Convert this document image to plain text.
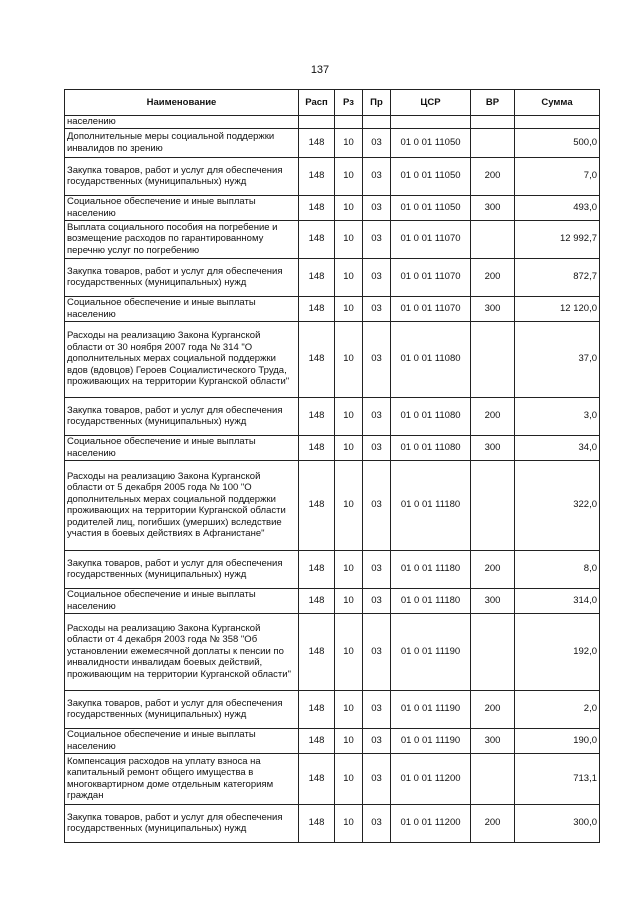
137
Наименование	Расп	Рз	Пр	ЦСР	ВР	Сумма
населению						
Дополнительные меры социальной поддержки инвалидов по зрению	148	10	03	01 0 01 11050		500,0
Закупка товаров, работ и услуг для обеспечения государственных (муниципальных) нужд	148	10	03	01 0 01 11050	200	7,0
Социальное обеспечение и иные выплаты населению	148	10	03	01 0 01 11050	300	493,0
Выплата социального пособия на погребение и возмещение расходов по гарантированному перечню услуг по погребению	148	10	03	01 0 01 11070		12 992,7
Закупка товаров, работ и услуг для обеспечения государственных (муниципальных) нужд	148	10	03	01 0 01 11070	200	872,7
Социальное обеспечение и иные выплаты населению	148	10	03	01 0 01 11070	300	12 120,0
Расходы на реализацию Закона Курганской области от 30 ноября 2007 года № 314 "О дополнительных мерах социальной поддержки вдов (вдовцов) Героев Социалистического Труда, проживающих на территории Курганской области"	148	10	03	01 0 01 11080		37,0
Закупка товаров, работ и услуг для обеспечения государственных (муниципальных) нужд	148	10	03	01 0 01 11080	200	3,0
Социальное обеспечение и иные выплаты населению	148	10	03	01 0 01 11080	300	34,0
Расходы на реализацию Закона Курганской области от 5 декабря 2005 года № 100 "О дополнительных мерах социальной поддержки проживающих на территории Курганской области родителей лиц, погибших (умерших) вследствие участия в боевых действиях в Афганистане"	148	10	03	01 0 01 11180		322,0
Закупка товаров, работ и услуг для обеспечения государственных (муниципальных) нужд	148	10	03	01 0 01 11180	200	8,0
Социальное обеспечение и иные выплаты населению	148	10	03	01 0 01 11180	300	314,0
Расходы на реализацию Закона Курганской области от 4 декабря 2003 года № 358 "Об установлении ежемесячной доплаты к пенсии по инвалидности инвалидам боевых действий, проживающим на территории Курганской области"	148	10	03	01 0 01 11190		192,0
Закупка товаров, работ и услуг для обеспечения государственных (муниципальных) нужд	148	10	03	01 0 01 11190	200	2,0
Социальное обеспечение и иные выплаты населению	148	10	03	01 0 01 11190	300	190,0
Компенсация расходов на уплату взноса на капитальный ремонт общего имущества в многоквартирном доме отдельным категориям граждан	148	10	03	01 0 01 11200		713,1
Закупка товаров, работ и услуг для обеспечения государственных (муниципальных) нужд	148	10	03	01 0 01 11200	200	300,0
